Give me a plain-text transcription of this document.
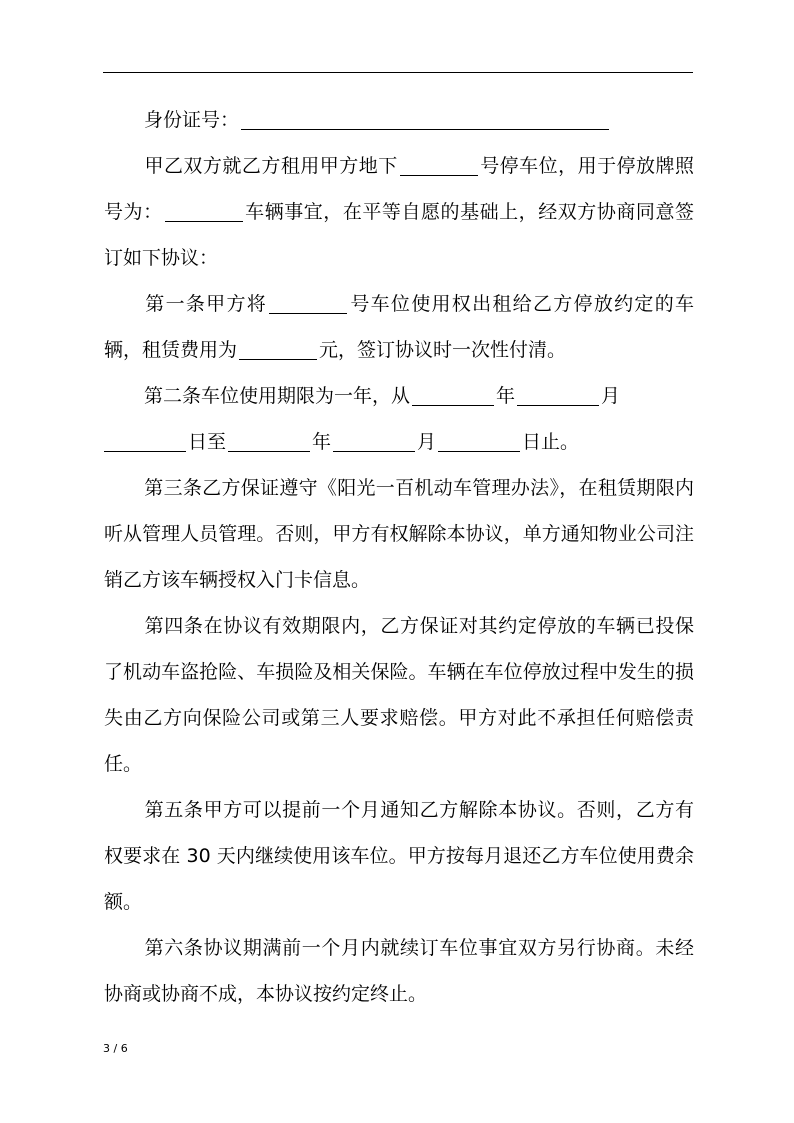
身份证号：

甲乙双方就乙方租用甲方地下	号停车位，用于停放牌照号为：	车辆事宜，在平等自愿的基础上，经双方协商同意签订如下协议：

第一条甲方将	号车位使用权出租给乙方停放约定的车辆，租赁费用为	元，签订协议时一次性付清。

第二条车位使用期限为一年，从	年	月
日至	年	月	日止。

第三条乙方保证遵守《阳光一百机动车管理办法》，在租赁期限内听从管理人员管理。否则，甲方有权解除本协议，单方通知物业公司注销乙方该车辆授权入门卡信息。

第四条在协议有效期限内，乙方保证对其约定停放的车辆已投保了机动车盗抢险、车损险及相关保险。车辆在车位停放过程中发生的损失由乙方向保险公司或第三人要求赔偿。甲方对此不承担任何赔偿责任。

第五条甲方可以提前一个月通知乙方解除本协议。否则，乙方有权要求在 30 天内继续使用该车位。甲方按每月退还乙方车位使用费余额。

第六条协议期满前一个月内就续订车位事宜双方另行协商。未经协商或协商不成，本协议按约定终止。

3 / 6
